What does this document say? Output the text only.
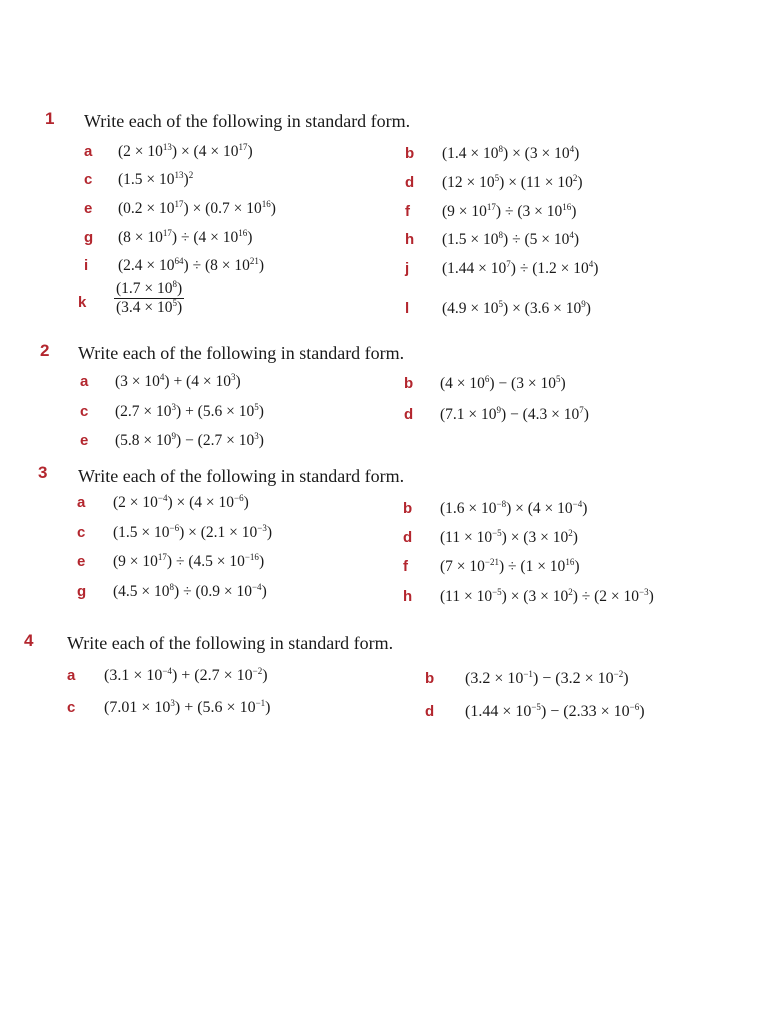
1 Write each of the following in standard form.
a $(2 \times 10^{13}) \times (4 \times 10^{17})$	b $(1.4 \times 10^8) \times (3 \times 10^4)$
c $(1.5 \times 10^{13})^2$	d $(12 \times 10^5) \times (11 \times 10^2)$
e $(0.2 \times 10^{17}) \times (0.7 \times 10^{16})$	f $(9 \times 10^{17}) \div (3 \times 10^{16})$
g $(8 \times 10^{17}) \div (4 \times 10^{16})$	h $(1.5 \times 10^8) \div (5 \times 10^4)$
i $(2.4 \times 10^{64}) \div (8 \times 10^{21})$	j $(1.44 \times 10^7) \div (1.2 \times 10^4)$
k $\frac{(1.7 \times 10^8)}{(3.4 \times 10^5)}$	l $(4.9 \times 10^5) \times (3.6 \times 10^9)$
2 Write each of the following in standard form.
a $(3 \times 10^4) + (4 \times 10^3)$	b $(4 \times 10^6) - (3 \times 10^5)$
c $(2.7 \times 10^3) + (5.6 \times 10^5)$	d $(7.1 \times 10^9) - (4.3 \times 10^7)$
e $(5.8 \times 10^9) - (2.7 \times 10^3)$
3 Write each of the following in standard form.
a $(2 \times 10^{-4}) \times (4 \times 10^{-6})$	b $(1.6 \times 10^{-8}) \times (4 \times 10^{-4})$
c $(1.5 \times 10^{-6}) \times (2.1 \times 10^{-3})$	d $(11 \times 10^{-5}) \times (3 \times 10^2)$
e $(9 \times 10^{17}) \div (4.5 \times 10^{-16})$	f $(7 \times 10^{-21}) \div (1 \times 10^{16})$
g $(4.5 \times 10^8) \div (0.9 \times 10^{-4})$	h $(11 \times 10^{-5}) \times (3 \times 10^2) \div (2 \times 10^{-3})$
4 Write each of the following in standard form.
a $(3.1 \times 10^{-4}) + (2.7 \times 10^{-2})$	b $(3.2 \times 10^{-1}) - (3.2 \times 10^{-2})$
c $(7.01 \times 10^3) + (5.6 \times 10^{-1})$	d $(1.44 \times 10^{-5}) - (2.33 \times 10^{-6})$
